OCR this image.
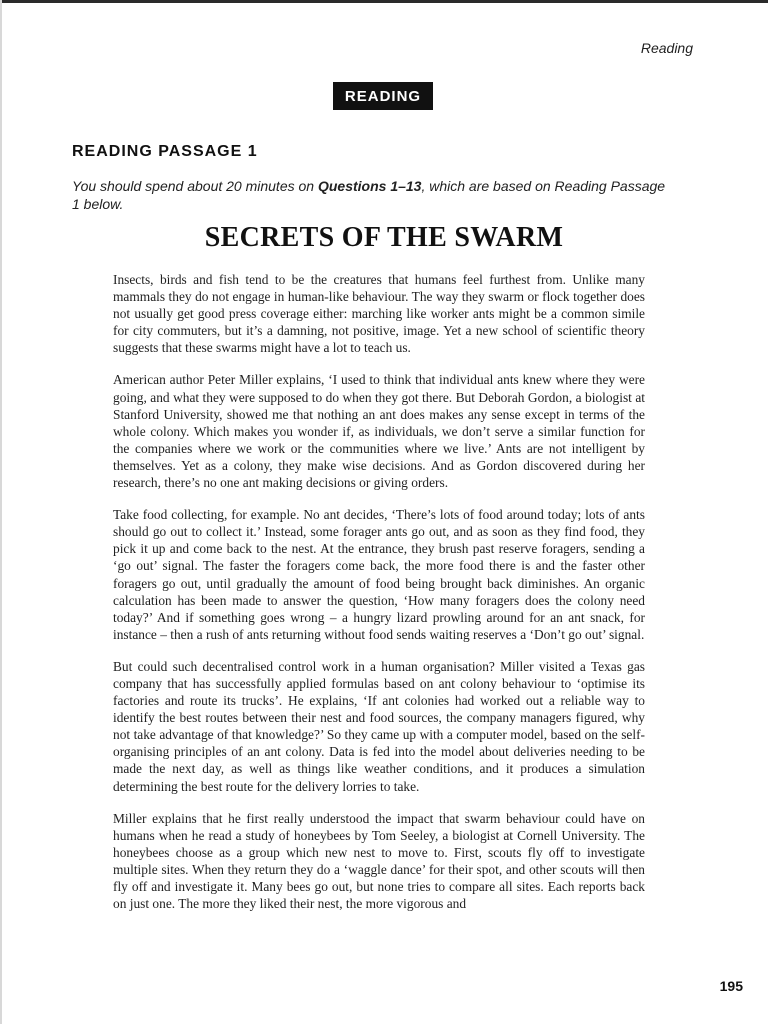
Reading
READING
READING PASSAGE 1
You should spend about 20 minutes on Questions 1–13, which are based on Reading Passage 1 below.
SECRETS OF THE SWARM

Insects, birds and fish tend to be the creatures that humans feel furthest from. Unlike many mammals they do not engage in human-like behaviour. The way they swarm or flock together does not usually get good press coverage either: marching like worker ants might be a common simile for city commuters, but it’s a damning, not positive, image. Yet a new school of scientific theory suggests that these swarms might have a lot to teach us.

American author Peter Miller explains, ‘I used to think that individual ants knew where they were going, and what they were supposed to do when they got there. But Deborah Gordon, a biologist at Stanford University, showed me that nothing an ant does makes any sense except in terms of the whole colony. Which makes you wonder if, as individuals, we don’t serve a similar function for the companies where we work or the communities where we live.’ Ants are not intelligent by themselves. Yet as a colony, they make wise decisions. And as Gordon discovered during her research, there’s no one ant making decisions or giving orders.

Take food collecting, for example. No ant decides, ‘There’s lots of food around today; lots of ants should go out to collect it.’ Instead, some forager ants go out, and as soon as they find food, they pick it up and come back to the nest. At the entrance, they brush past reserve foragers, sending a ‘go out’ signal. The faster the foragers come back, the more food there is and the faster other foragers go out, until gradually the amount of food being brought back diminishes. An organic calculation has been made to answer the question, ‘How many foragers does the colony need today?’ And if something goes wrong – a hungry lizard prowling around for an ant snack, for instance – then a rush of ants returning without food sends waiting reserves a ‘Don’t go out’ signal.

But could such decentralised control work in a human organisation? Miller visited a Texas gas company that has successfully applied formulas based on ant colony behaviour to ‘optimise its factories and route its trucks’. He explains, ‘If ant colonies had worked out a reliable way to identify the best routes between their nest and food sources, the company managers figured, why not take advantage of that knowledge?’ So they came up with a computer model, based on the self-organising principles of an ant colony. Data is fed into the model about deliveries needing to be made the next day, as well as things like weather conditions, and it produces a simulation determining the best route for the delivery lorries to take.

Miller explains that he first really understood the impact that swarm behaviour could have on humans when he read a study of honeybees by Tom Seeley, a biologist at Cornell University. The honeybees choose as a group which new nest to move to. First, scouts fly off to investigate multiple sites. When they return they do a ‘waggle dance’ for their spot, and other scouts will then fly off and investigate it. Many bees go out, but none tries to compare all sites. Each reports back on just one. The more they liked their nest, the more vigorous and

195
